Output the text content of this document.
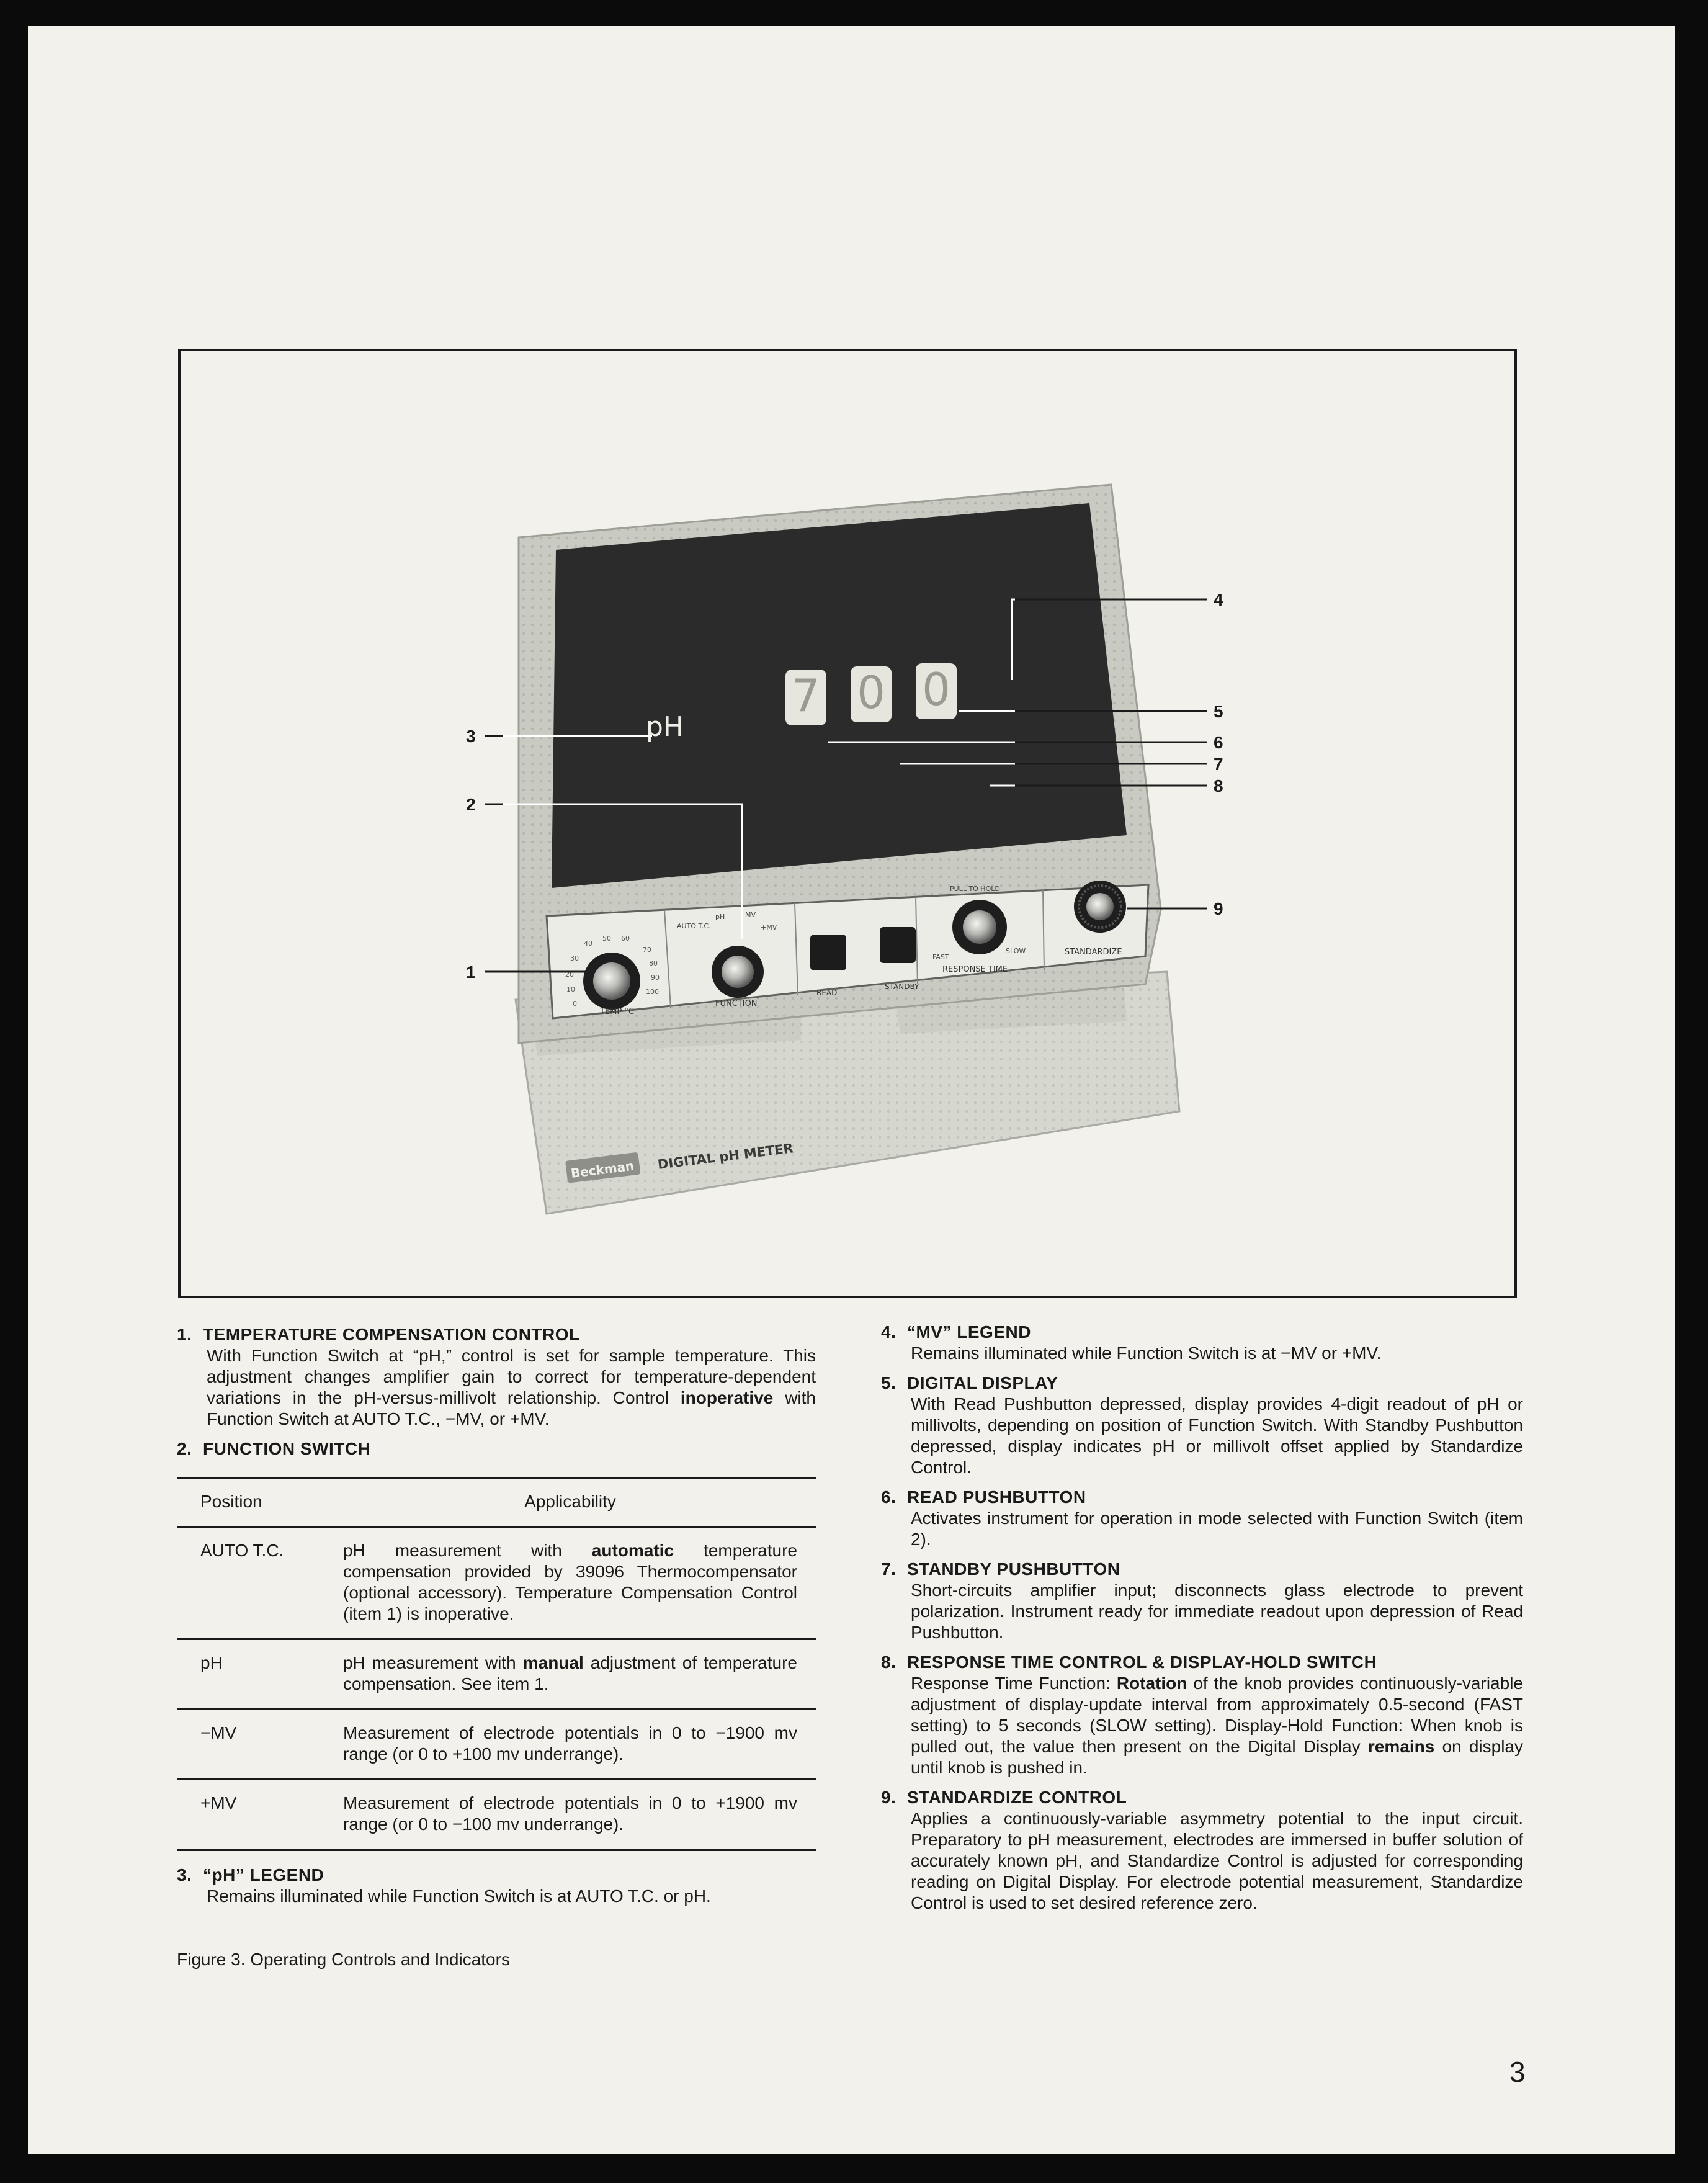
7 0 0
pH
TEMP °C
0
10
20
30
40
50 60
70
80
90
100
FUNCTION
AUTO T.C.
pH	MV
+MV
READ
STANDBY
PULL TO HOLD
FAST
SLOW
RESPONSE TIME
STANDARDIZE
Beckman DIGITAL pH METER
1
2
3
4
5
6
7
8
9
1. TEMPERATURE COMPENSATION CONTROL
With Function Switch at “pH,” control is set for sample temperature. This adjustment changes amplifier gain to correct for temperature-dependent variations in the pH-versus-millivolt relationship. Control inoperative with Function Switch at AUTO T.C., −MV, or +MV.
2. FUNCTION SWITCH
Position	Applicability
AUTO T.C.	pH measurement with automatic temperature compensation provided by 39096 Thermocompensator (optional accessory). Temperature Compensation Control (item 1) is inoperative.
pH	pH measurement with manual adjustment of temperature compensation. See item 1.
−MV	Measurement of electrode potentials in 0 to −1900 mv range (or 0 to +100 mv underrange).
+MV	Measurement of electrode potentials in 0 to +1900 mv range (or 0 to −100 mv underrange).
3. “pH” LEGEND
Remains illuminated while Function Switch is at AUTO T.C. or pH.
4. “MV” LEGEND
Remains illuminated while Function Switch is at −MV or +MV.
5. DIGITAL DISPLAY
With Read Pushbutton depressed, display provides 4-digit readout of pH or millivolts, depending on position of Function Switch. With Standby Pushbutton depressed, display indicates pH or millivolt offset applied by Standardize Control.
6. READ PUSHBUTTON
Activates instrument for operation in mode selected with Function Switch (item 2).
7. STANDBY PUSHBUTTON
Short-circuits amplifier input; disconnects glass electrode to prevent polarization. Instrument ready for immediate readout upon depression of Read Pushbutton.
8. RESPONSE TIME CONTROL & DISPLAY-HOLD SWITCH
Response Time Function: Rotation of the knob provides continuously-variable adjustment of display-update interval from approximately 0.5-second (FAST setting) to 5 seconds (SLOW setting). Display-Hold Function: When knob is pulled out, the value then present on the Digital Display remains on display until knob is pushed in.
9. STANDARDIZE CONTROL
Applies a continuously-variable asymmetry potential to the input circuit. Preparatory to pH measurement, electrodes are immersed in buffer solution of accurately known pH, and Standardize Control is adjusted for corresponding reading on Digital Display. For electrode potential measurement, Standardize Control is used to set desired reference zero.
Figure 3. Operating Controls and Indicators
3
